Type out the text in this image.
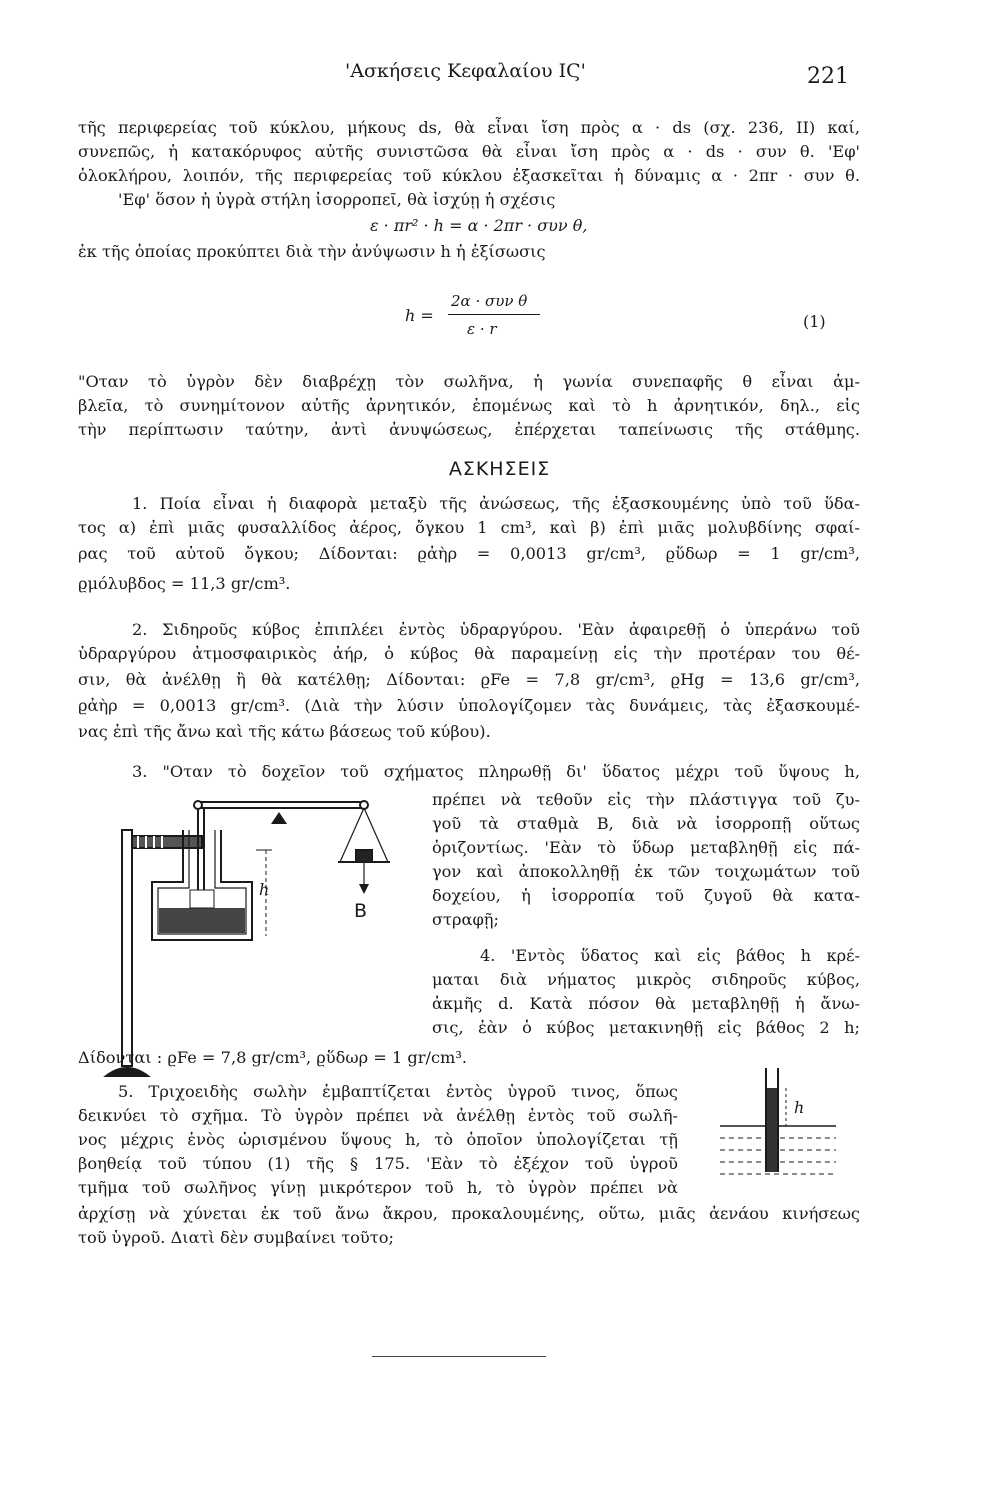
'Ασκήσεις Κεφαλαίου ΙϚ'	221
τῆς περιφερείας τοῦ κύκλου, μήκους ds, θὰ εἶναι ἴση πρὸς α · ds (σχ. 236, II) καί,
συνεπῶς, ἡ κατακόρυφος αὐτῆς συνιστῶσα θὰ εἶναι ἴση πρὸς α · ds · συν θ. 'Εφ'
ὁλοκλήρου, λοιπόν, τῆς περιφερείας τοῦ κύκλου ἐξασκεῖται ἡ δύναμις α · 2πr · συν θ.
'Εφ' ὅσον ἡ ὑγρὰ στήλη ἰσορροπεῖ, θὰ ἰσχύῃ ἡ σχέσις
ε · πr² · h = α · 2πr · συν θ,
ἐκ τῆς ὁποίας προκύπτει διὰ τὴν ἀνύψωσιν h ἡ ἐξίσωσις
h =
2α · συν θ
ε · r	(1)
"Οταν τὸ ὑγρὸν δὲν διαβρέχῃ τὸν σωλῆνα, ἡ γωνία συνεπαφῆς θ εἶναι ἀμ-
βλεῖα, τὸ συνημίτονον αὐτῆς ἀρνητικόν, ἑπομένως καὶ τὸ h ἀρνητικόν, δηλ., εἰς
τὴν περίπτωσιν ταύτην, ἀντὶ ἀνυψώσεως, ἐπέρχεται ταπείνωσις τῆς στάθμης.
ΑΣΚΗΣΕΙΣ
1. Ποία εἶναι ἡ διαφορὰ μεταξὺ τῆς ἀνώσεως, τῆς ἐξασκουμένης ὑπὸ τοῦ ὕδα-
τος α) ἐπὶ μιᾶς φυσαλλίδος ἀέρος, ὄγκου 1 cm³, καὶ β) ἐπὶ μιᾶς μολυβδίνης σφαί-
ρας τοῦ αὐτοῦ ὄγκου; Δίδονται: ϱἀὴρ = 0,0013 gr/cm³, ϱὕδωρ = 1 gr/cm³,
ϱμόλυβδος = 11,3 gr/cm³.
2. Σιδηροῦς κύβος ἐπιπλέει ἐντὸς ὑδραργύρου. 'Εὰν ἀφαιρεθῇ ὁ ὑπεράνω τοῦ
ὑδραργύρου ἀτμοσφαιρικὸς ἀήρ, ὁ κύβος θὰ παραμείνῃ εἰς τὴν προτέραν του θέ-
σιν, θὰ ἀνέλθῃ ἢ θὰ κατέλθῃ; Δίδονται: ϱFe = 7,8 gr/cm³, ϱHg = 13,6 gr/cm³,
ϱἀὴρ = 0,0013 gr/cm³. (Διὰ τὴν λύσιν ὑπολογίζομεν τὰς δυνάμεις, τὰς ἐξασκουμέ-
νας ἐπὶ τῆς ἄνω καὶ τῆς κάτω βάσεως τοῦ κύβου).
3. "Οταν τὸ δοχεῖον τοῦ σχήματος πληρωθῇ δι' ὕδατος μέχρι τοῦ ὕψους h,
πρέπει νὰ τεθοῦν εἰς τὴν πλάστιγγα τοῦ ζυ-
γοῦ τὰ σταθμὰ Β, διὰ νὰ ἰσορροπῇ οὕτως
ὁριζοντίως. 'Εὰν τὸ ὕδωρ μεταβληθῇ εἰς πά-
γον καὶ ἀποκολληθῇ ἐκ τῶν τοιχωμάτων τοῦ
δοχείου, ἡ ἰσορροπία τοῦ ζυγοῦ θὰ κατα-
στραφῇ;
h
B
4. 'Εντὸς ὕδατος καὶ εἰς βάθος h κρέ-
μαται διὰ νήματος μικρὸς σιδηροῦς κύβος,
ἀκμῆς d. Κατὰ πόσον θὰ μεταβληθῇ ἡ ἄνω-
σις, ἐὰν ὁ κύβος μετακινηθῇ εἰς βάθος 2 h;
Δίδονται : ϱFe = 7,8 gr/cm³, ϱὕδωρ = 1 gr/cm³.
5. Τριχοειδὴς σωλὴν ἐμβαπτίζεται ἐντὸς ὑγροῦ τινος, ὅπως
δεικνύει τὸ σχῆμα. Τὸ ὑγρὸν πρέπει νὰ ἀνέλθῃ ἐντὸς τοῦ σωλῆ-
νος μέχρις ἑνὸς ὡρισμένου ὕψους h, τὸ ὁποῖον ὑπολογίζεται τῇ
βοηθείᾳ τοῦ τύπου (1) τῆς § 175. 'Εὰν τὸ ἐξέχον τοῦ ὑγροῦ
τμῆμα τοῦ σωλῆνος γίνῃ μικρότερον τοῦ h, τὸ ὑγρὸν πρέπει νὰ
ἀρχίσῃ νὰ χύνεται ἐκ τοῦ ἄνω ἄκρου, προκαλουμένης, οὕτω, μιᾶς ἀενάου κινήσεως
τοῦ ὑγροῦ. Διατὶ δὲν συμβαίνει τοῦτο;
h
